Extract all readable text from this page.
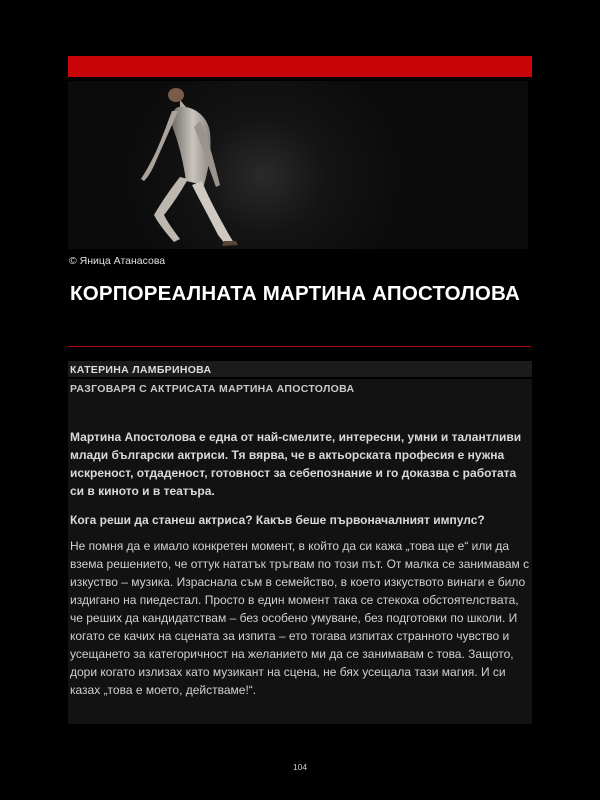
© Яница Атанасова
КОРПОРЕАЛНАТА МАРТИНА АПОСТОЛОВА
КАТЕРИНА ЛАМБРИНОВА
РАЗГОВАРЯ С АКТРИСАТА МАРТИНА АПОСТОЛОВА

Мартина Апостолова е една от най-смелите, интересни, умни и талантливи млади български актриси. Тя вярва, че в актьорската професия е нужна искреност, отдаденост, готовност за себепознание и го доказва с работата си в киното и в театъра.

Кога реши да станеш актриса? Какъв беше първоначалният импулс?

Не помня да е имало конкретен момент, в който да си кажа „това ще е“ или да взема решението, че оттук нататък тръгвам по този път. От малка се занимавам с изкуство – музика. Израснала съм в семейство, в което изкуството винаги е било издигано на пиедестал. Просто в един момент така се стекоха обстоятелствата, че реших да кандидатствам – без особено умуване, без подготовки по школи. И когато се качих на сцената за изпита – ето тогава изпитах странното чувство и усещането за категоричност на желанието ми да се занимавам с това. Защото, дори когато излизах като музикант на сцена, не бях усещала тази магия. И си казах „това е моето, действаме!“.

104
